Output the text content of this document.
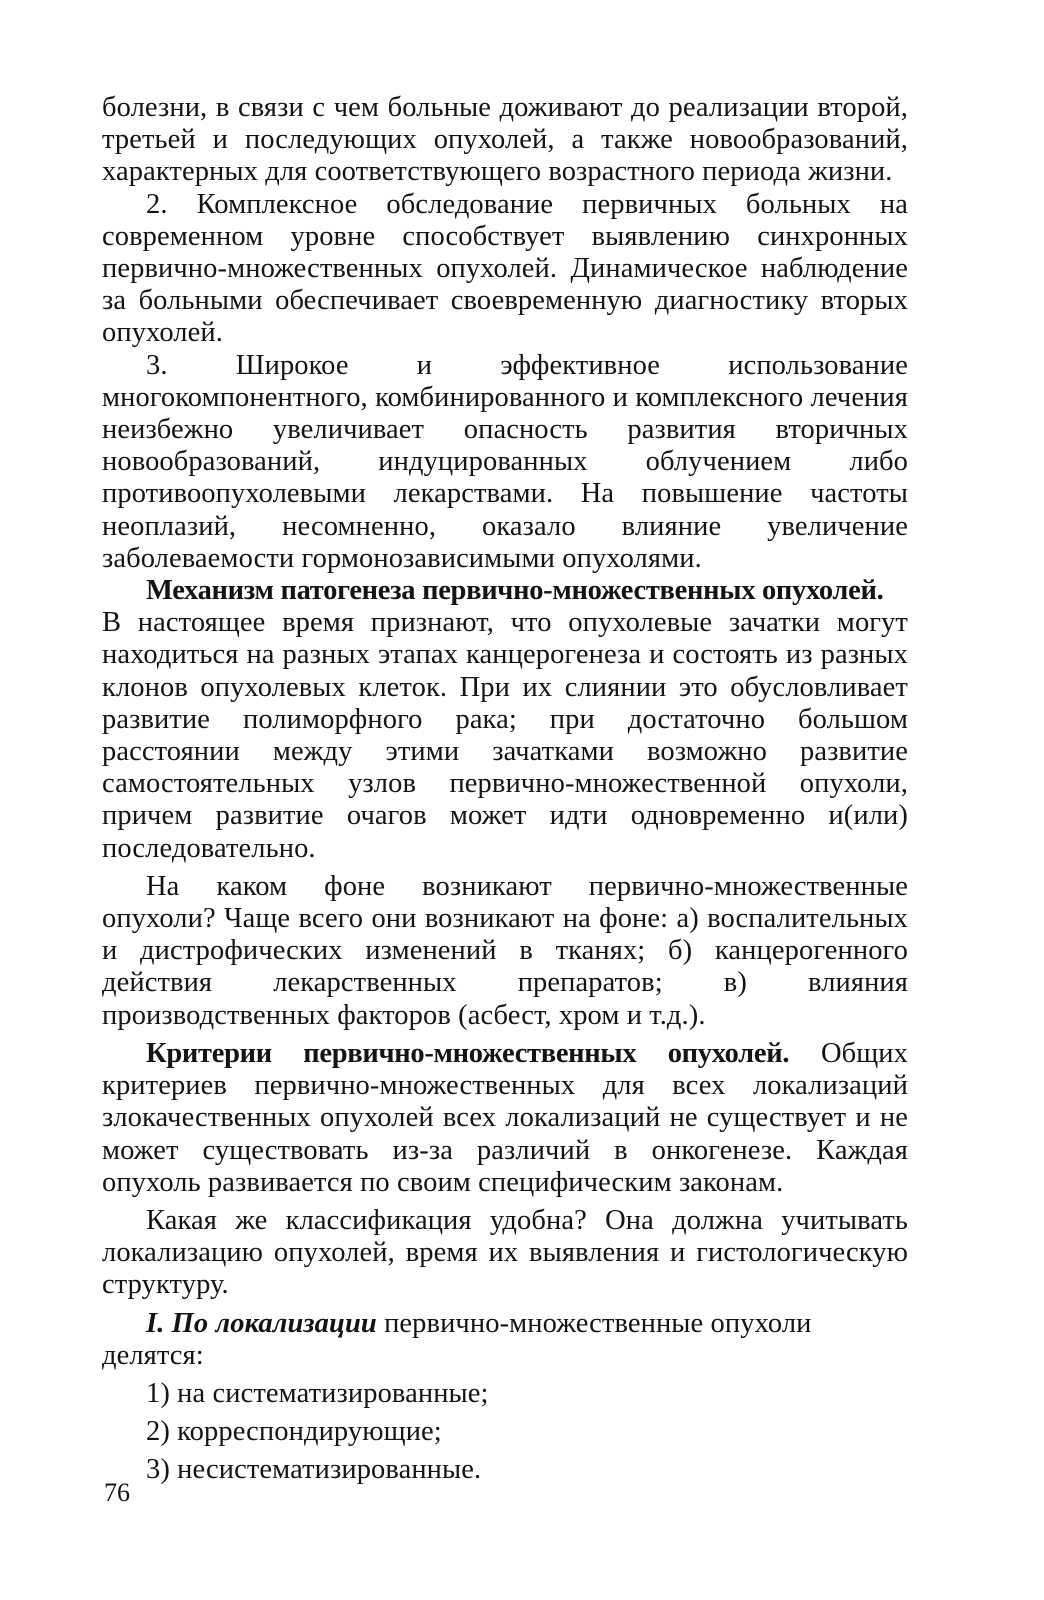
болезни, в связи с чем больные доживают до реализации второй, третьей и последующих опухолей, а также новообразований, характерных для соответствующего возрастного периода жизни.

2. Комплексное обследование первичных больных на современном уровне способствует выявлению синхронных первично-множественных опухолей. Динамическое наблюдение за больными обеспечивает своевременную диагностику вторых опухолей.

3. Широкое и эффективное использование многокомпонентного, комбинированного и комплексного лечения неизбежно увеличивает опасность развития вторичных новообразований, индуцированных облучением либо противоопухолевыми лекарствами. На повышение частоты неоплазий, несомненно, оказало влияние увеличение заболеваемости гормонозависимыми опухолями.

Механизм патогенеза первично-множественных опухолей.
В настоящее время признают, что опухолевые зачатки могут находиться на разных этапах канцерогенеза и состоять из разных клонов опухолевых клеток. При их слиянии это обусловливает развитие полиморфного рака; при достаточно большом расстоянии между этими зачатками возможно развитие самостоятельных узлов первично-множественной опухоли, причем развитие очагов может идти одновременно и(или) последовательно.

На каком фоне возникают первично-множественные опухоли? Чаще всего они возникают на фоне: а) воспалительных и дистрофических изменений в тканях; б) канцерогенного действия лекарственных препаратов; в) влияния производственных факторов (асбест, хром и т.д.).

Критерии первично-множественных опухолей. Общих критериев первично-множественных для всех локализаций злокачественных опухолей всех локализаций не существует и не может существовать из-за различий в онкогенезе. Каждая опухоль развивается по своим специфическим законам.

Какая же классификация удобна? Она должна учитывать локализацию опухолей, время их выявления и гистологическую структуру.

I. По локализации первично-множественные опухоли делятся:

1) на систематизированные;

2) корреспондирующие;

3) несистематизированные.

76
